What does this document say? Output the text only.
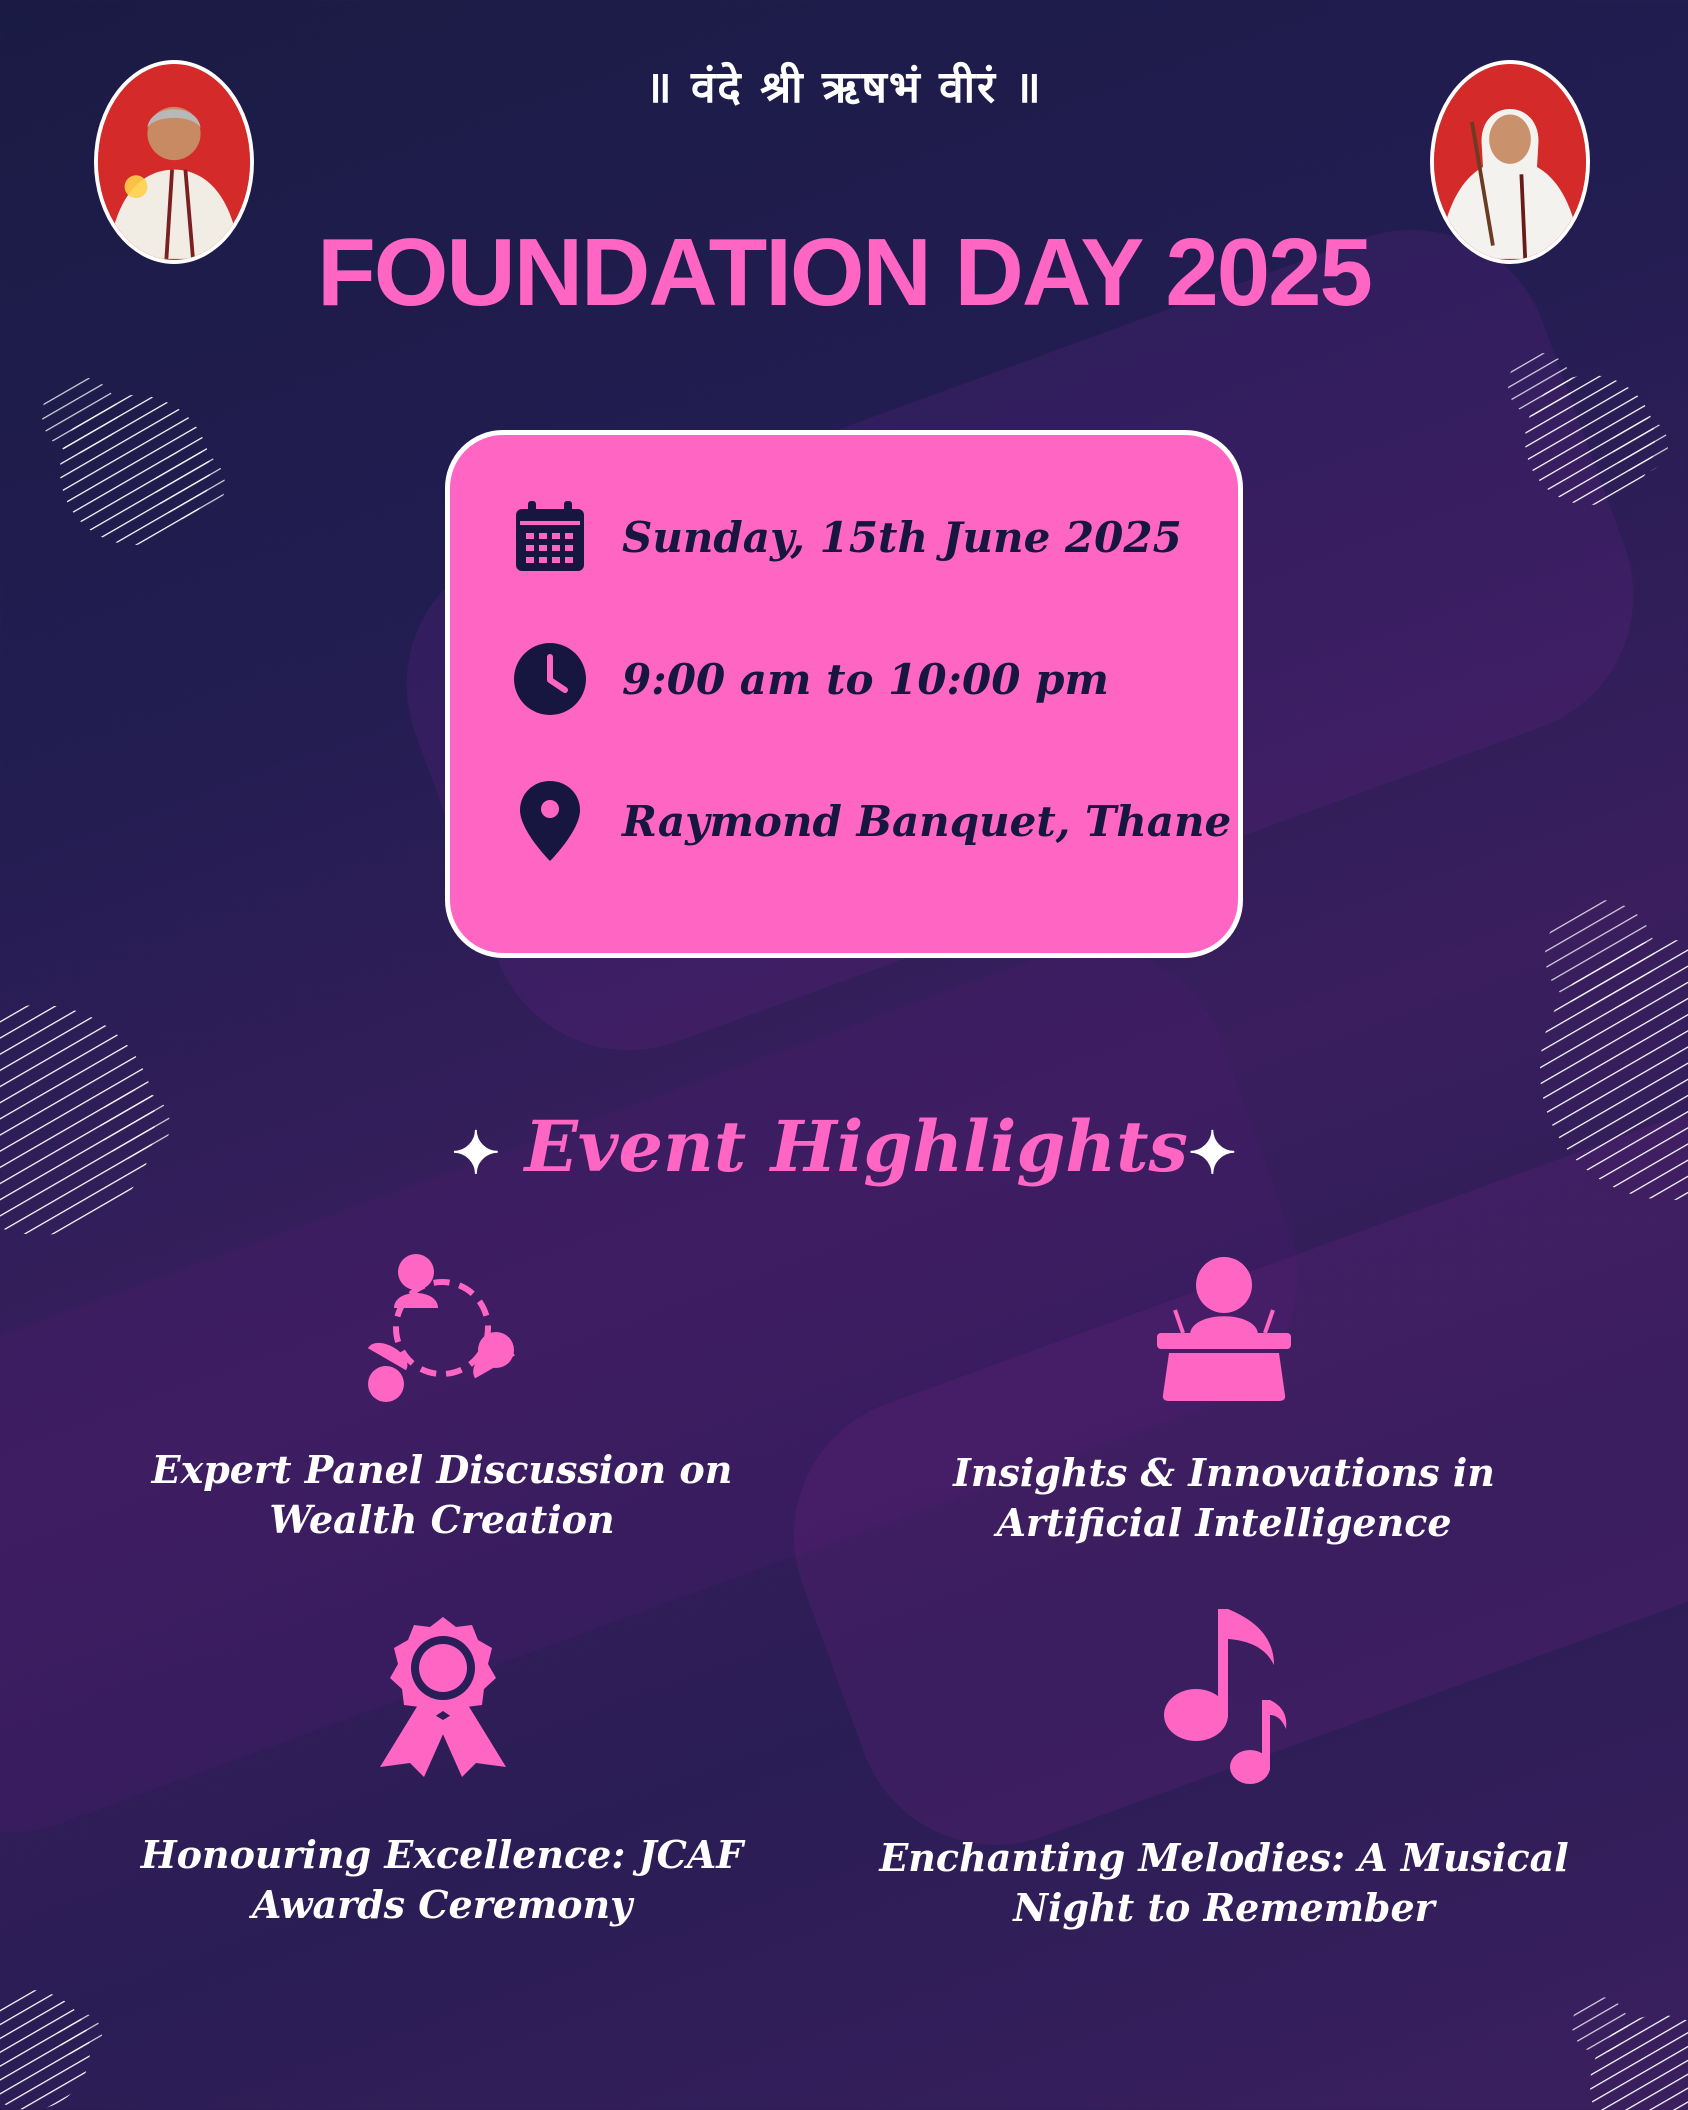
॥ वंदे श्री ऋषभं वीरं ॥
FOUNDATION DAY 2025
Sunday, 15th June 2025
9:00 am to 10:00 pm
Raymond Banquet, Thane
✦ Event Highlights✦
Expert Panel Discussion on Wealth Creation
Insights & Innovations in Artificial Intelligence
Honouring Excellence: JCAF Awards Ceremony
Enchanting Melodies: A Musical Night to Remember
